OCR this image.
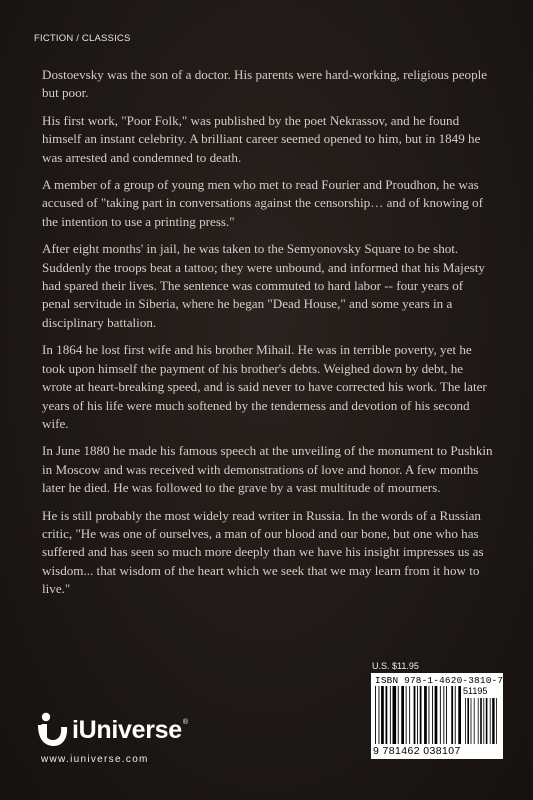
FICTION / CLASSICS

Dostoevsky was the son of a doctor. His parents were hard-working, religious people but poor.

His first work, "Poor Folk," was published by the poet Nekrassov, and he found himself an instant celebrity. A brilliant career seemed opened to him, but in 1849 he was arrested and condemned to death.

A member of a group of young men who met to read Fourier and Proudhon, he was accused of "taking part in conversations against the censorship… and of knowing of the intention to use a printing press."

After eight months' in jail, he was taken to the Semyonovsky Square to be shot. Suddenly the troops beat a tattoo; they were unbound, and informed that his Majesty had spared their lives. The sentence was commuted to hard labor -- four years of penal servitude in Siberia, where he began "Dead House," and some years in a disciplinary battalion.

In 1864 he lost first wife and his brother Mihail. He was in terrible poverty, yet he took upon himself the payment of his brother's debts. Weighed down by debt, he wrote at heart-breaking speed, and is said never to have corrected his work. The later years of his life were much softened by the tenderness and devotion of his second wife.

In June 1880 he made his famous speech at the unveiling of the monument to Pushkin in Moscow and was received with demonstrations of love and honor. A few months later he died. He was followed to the grave by a vast multitude of mourners.

He is still probably the most widely read writer in Russia. In the words of a Russian critic, "He was one of ourselves, a man of our blood and our bone, but one who has suffered and has seen so much more deeply than we have his insight impresses us as wisdom... that wisdom of the heart which we seek that we may learn from it how to live."

U.S. $11.95
ISBN 978-1-4620-3810-7
51195
9 781462 038107
iUniverse ®
www.iuniverse.com
